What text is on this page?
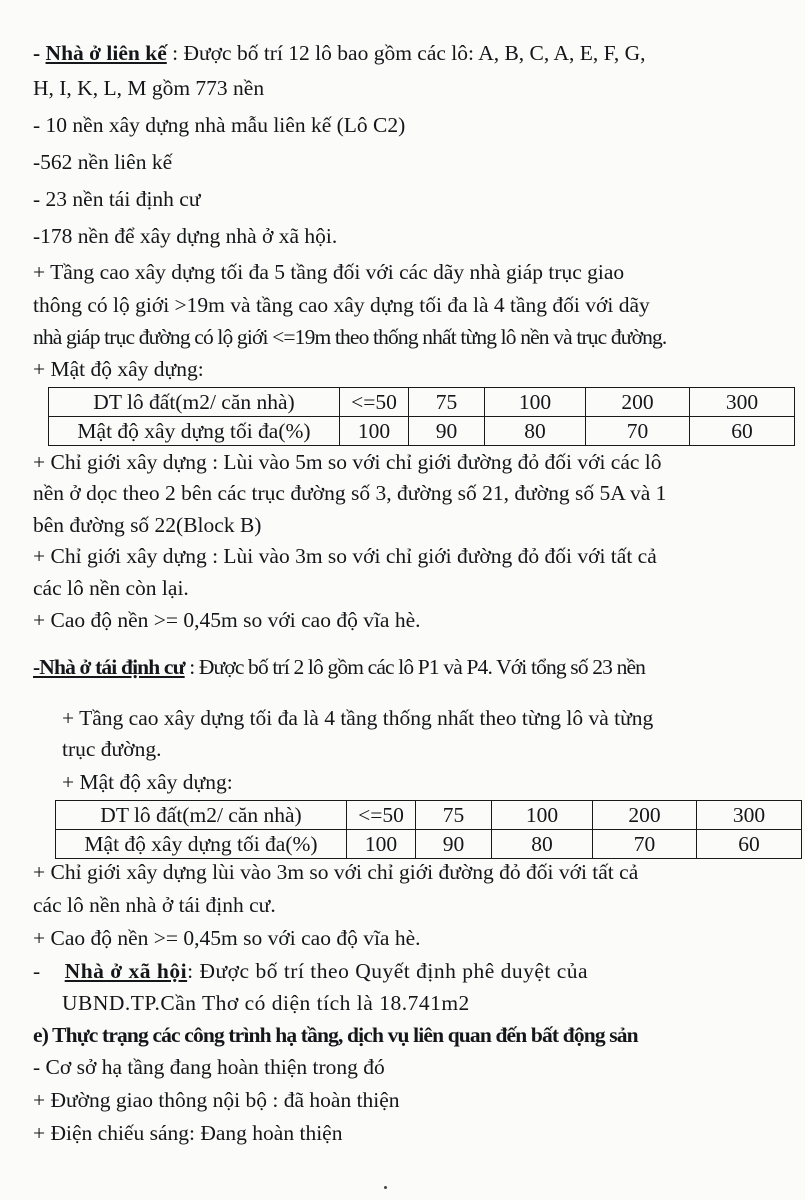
- Nhà ở liên kế : Được bố trí 12 lô bao gồm các lô: A, B, C, A, E, F, G,
H, I, K, L, M gồm 773 nền
- 10 nền xây dựng nhà mẫu liên kế (Lô C2)
-562 nền liên kế
- 23 nền tái định cư
-178 nền để xây dựng nhà ở xã hội.
+ Tầng cao xây dựng tối đa 5 tầng đối với các dãy nhà giáp trục giao
thông có lộ giới >19m và tầng cao xây dựng tối đa là 4 tầng đối với dãy
nhà giáp trục đường có lộ giới <=19m theo thống nhất từng lô nền và trục đường.
+ Mật độ xây dựng:
DT lô đất(m2/ căn nhà)	<=50	75	100	200	300
Mật độ xây dựng tối đa(%)	100	90	80	70	60
+ Chỉ giới xây dựng : Lùi vào 5m so với chỉ giới đường đỏ đối với các lô
nền ở dọc theo 2 bên các trục đường số 3, đường số 21, đường số 5A và 1
bên đường số 22(Block B)
+ Chỉ giới xây dựng : Lùi vào 3m so với chỉ giới đường đỏ đối với tất cả
các lô nền còn lại.
+ Cao độ nền >= 0,45m so với cao độ vĩa hè.
-Nhà ở tái định cư : Được bố trí 2 lô gồm các lô P1 và P4. Với tổng số 23 nền
+ Tầng cao xây dựng tối đa là 4 tầng thống nhất theo từng lô và từng
trục đường.
+ Mật độ xây dựng:
DT lô đất(m2/ căn nhà)	<=50	75	100	200	300
Mật độ xây dựng tối đa(%)	100	90	80	70	60
+ Chỉ giới xây dựng lùi vào 3m so với chỉ giới đường đỏ đối với tất cả
các lô nền nhà ở tái định cư.
+ Cao độ nền >= 0,45m so với cao độ vĩa hè.
- Nhà ở xã hội: Được bố trí theo Quyết định phê duyệt của
UBND.TP.Cần Thơ có diện tích là 18.741m2
e) Thực trạng các công trình hạ tầng, dịch vụ liên quan đến bất động sản
- Cơ sở hạ tầng đang hoàn thiện trong đó
+ Đường giao thông nội bộ : đã hoàn thiện
+ Điện chiếu sáng: Đang hoàn thiện
